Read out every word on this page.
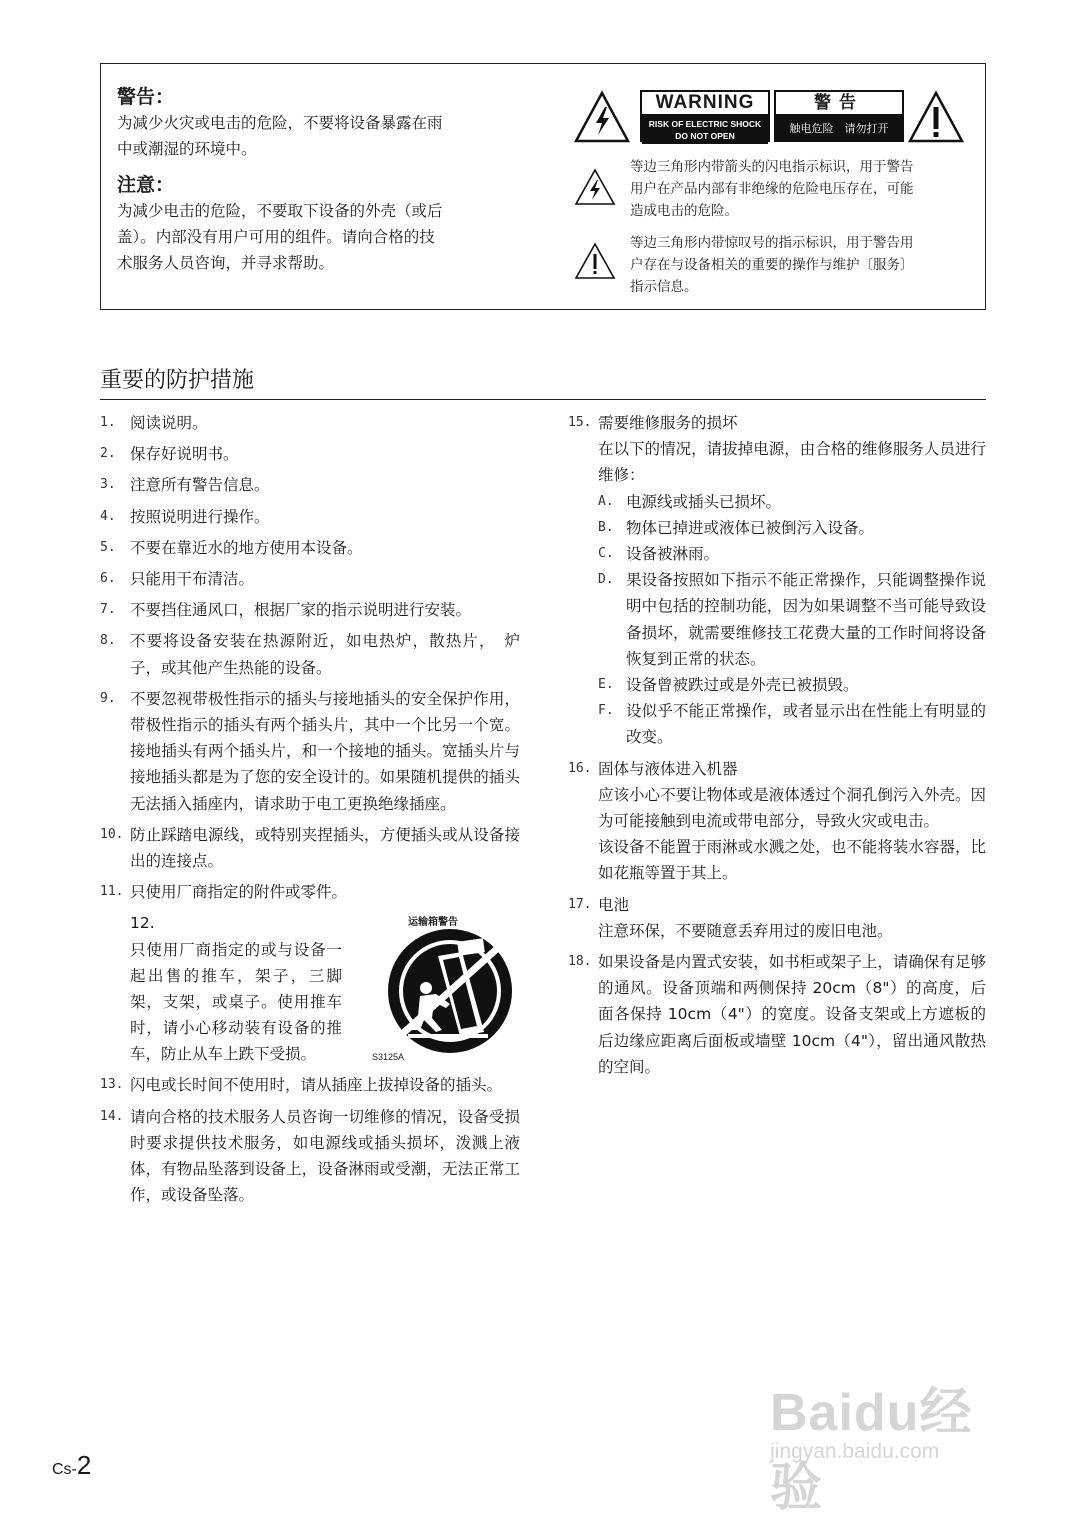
警告：

为减少火灾或电击的危险，不要将设备暴露在雨

中或潮湿的环境中。

注意：

为减少电击的危险，不要取下设备的外壳（或后

盖）。内部没有用户可用的组件。请向合格的技

术服务人员咨询，并寻求帮助。

WARNING
RISK OF ELECTRIC SHOCK
DO NOT OPEN
警告
触电危险　请勿打开

等边三角形内带箭头的闪电指示标识，用于警告

用户在产品内部有非绝缘的危险电压存在，可能

造成电击的危险。

等边三角形内带惊叹号的指示标识，用于警告用

户存在与设备相关的重要的操作与维护〔服务〕

指示信息。

重要的防护措施

1. 阅读说明。

2. 保存好说明书。

3. 注意所有警告信息。

4. 按照说明进行操作。

5. 不要在靠近水的地方使用本设备。

6. 只能用干布清洁。

7. 不要挡住通风口，根据厂家的指示说明进行安装。

8. 不要将设备安装在热源附近，如电热炉，散热片，　炉子，或其他产生热能的设备。

9. 不要忽视带极性指示的插头与接地插头的安全保护作用，带极性指示的插头有两个插头片，其中一个比另一个宽。接地插头有两个插头片，和一个接地的插头。宽插头片与接地插头都是为了您的安全设计的。如果随机提供的插头无法插入插座内，请求助于电工更换绝缘插座。

10. 防止踩踏电源线，或特别夹捏插头，方便插头或从设备接出的连接点。

11. 只使用厂商指定的附件或零件。

12.
只使用厂商指定的或与设备一起出售的推车，架子，三脚架，支架，或桌子。使用推车时，请小心移动装有设备的推车，防止从车上跌下受损。
运输箱警告
S3125A

13. 闪电或长时间不使用时，请从插座上拔掉设备的插头。

14. 请向合格的技术服务人员咨询一切维修的情况，设备受损时要求提供技术服务，如电源线或插头损坏，泼溅上液体，有物品坠落到设备上，设备淋雨或受潮，无法正常工作，或设备坠落。

15. 需要维修服务的损坏

在以下的情况，请拔掉电源，由合格的维修服务人员进行维修：

A. 电源线或插头已损坏。

B. 物体已掉进或液体已被倒污入设备。

C. 设备被淋雨。

D. 果设备按照如下指示不能正常操作，只能调整操作说明中包括的控制功能，因为如果调整不当可能导致设备损坏，就需要维修技工花费大量的工作时间将设备恢复到正常的状态。

E. 设备曾被跌过或是外壳已被损毁。

F. 设似乎不能正常操作，或者显示出在性能上有明显的改变。

16. 固体与液体进入机器

应该小心不要让物体或是液体透过个洞孔倒污入外壳。因为可能接触到电流或带电部分，导致火灾或电击。

该设备不能置于雨淋或水溅之处，也不能将装水容器，比如花瓶等置于其上。

17. 电池

注意环保，不要随意丢弃用过的废旧电池。

18. 如果设备是内置式安装，如书柜或架子上，请确保有足够的通风。设备顶端和两侧保持 20cm（8"）的高度，后面各保持 10cm（4"）的宽度。设备支架或上方遮板的后边缘应距离后面板或墙壁 10cm（4"），留出通风散热的空间。

Cs-2
Baidu经验
jingyan.baidu.com
